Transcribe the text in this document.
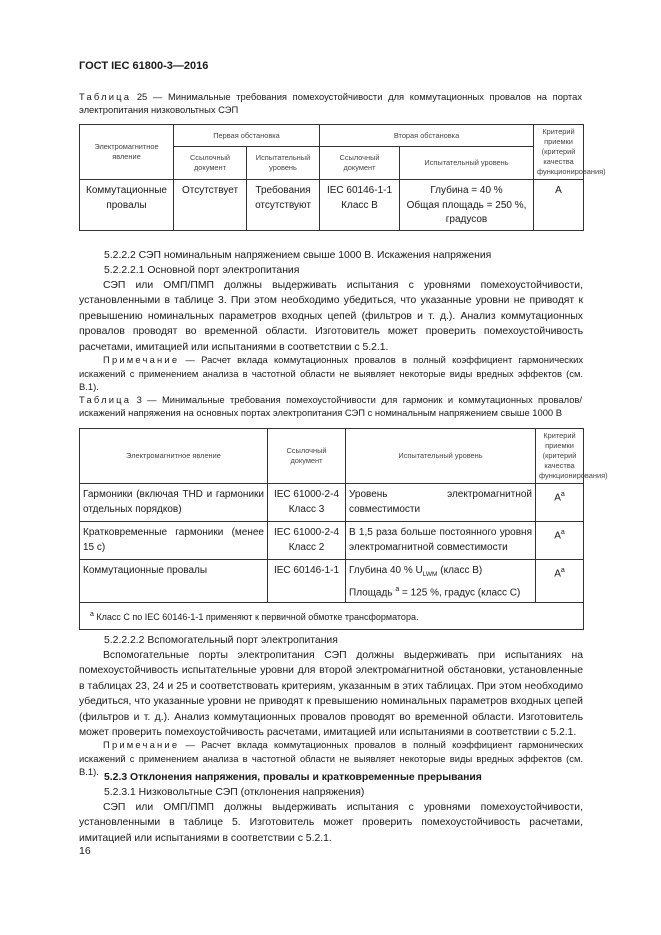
ГОСТ IEC 61800-3—2016
Таблица 25 — Минимальные требования помехоустойчивости для коммутационных провалов на портах электропитания низковольтных СЭП
Электромагнитное явление	Первая обстановка		Вторая обстановка		Критерий приемки (критерий качества функционирования)
	Ссылочный документ	Испытательный уровень	Ссылочный документ	Испытательный уровень	
Коммутационные провалы	Отсутствует	Требования отсутствуют	IEC 60146-1-1 Класс В	Глубина = 40 %
Общая площадь = 250 %,
градусов	А
5.2.2.2 СЭП номинальным напряжением свыше 1000 В. Искажения напряжения
5.2.2.2.1 Основной порт электропитания

СЭП или ОМП/ПМП должны выдерживать испытания с уровнями помехоустойчивости, установленными в таблице 3. При этом необходимо убедиться, что указанные уровни не приводят к превышению номинальных параметров входных цепей (фильтров и т. д.). Анализ коммутационных провалов проводят во временной области. Изготовитель может проверить помехоустойчивость расчетами, имитацией или испытаниями в соответствии с 5.2.1.

Примечание — Расчет вклада коммутационных провалов в полный коэффициент гармонических искажений с применением анализа в частотной области не выявляет некоторые виды вредных эффектов (см. В.1).

Таблица 3 — Минимальные требования помехоустойчивости для гармоник и коммутационных провалов/искажений напряжения на основных портах электропитания СЭП с номинальным напряжением свыше 1000 В
Электромагнитное явление	Ссылочный документ	Испытательный уровень	Критерий приемки (критерий качества функционирования)
Гармоники (включая THD и гармоники отдельных порядков)	IEC 61000-2-4 Класс 3	Уровень электромагнитной совместимости	$A^a$
Кратковременные гармоники (менее 15 с)	IEC 61000-2-4 Класс 2	В 1,5 раза больше постоянного уровня электромагнитной совместимости	$A^a$
Коммутационные провалы	IEC 60146-1-1	Глубина 40 % $U_{LWM}$ (класс В)
Площадь $^a$ = 125 %, градус (класс С)	$A^a$
$^a$ Класс С по IEC 60146-1-1 применяют к первичной обмотке трансформатора.			
5.2.2.2.2 Вспомогательный порт электропитания

Вспомогательные порты электропитания СЭП должны выдерживать при испытаниях на помехоустойчивость испытательные уровни для второй электромагнитной обстановки, установленные в таблицах 23, 24 и 25 и соответствовать критериям, указанным в этих таблицах. При этом необходимо убедиться, что указанные уровни не приводят к превышению номинальных параметров входных цепей (фильтров и т. д.). Анализ коммутационных провалов проводят во временной области. Изготовитель может проверить помехоустойчивость расчетами, имитацией или испытаниями в соответствии с 5.2.1.

Примечание — Расчет вклада коммутационных провалов в полный коэффициент гармонических искажений с применением анализа в частотной области не выявляет некоторые виды вредных эффектов (см. В.1).

5.2.3 Отклонения напряжения, провалы и кратковременные прерывания
5.2.3.1 Низковольтные СЭП (отклонения напряжения)

СЭП или ОМП/ПМП должны выдерживать испытания с уровнями помехоустойчивости, установленными в таблице 5. Изготовитель может проверить помехоустойчивость расчетами, имитацией или испытаниями в соответствии с 5.2.1.

16
